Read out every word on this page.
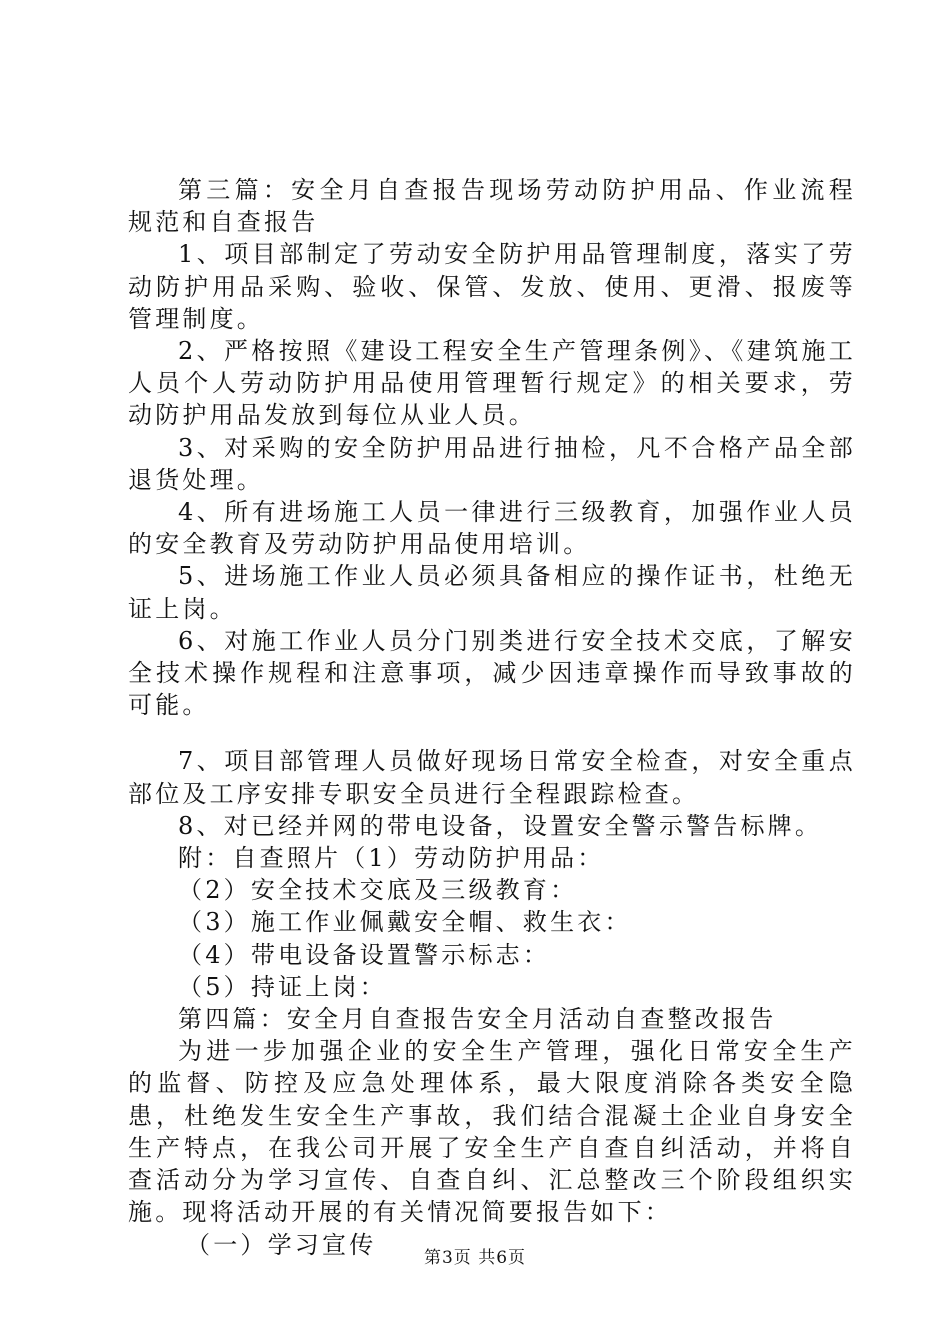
第三篇：安全月自查报告现场劳动防护用品、作业流程规范和自查报告

1、项目部制定了劳动安全防护用品管理制度，落实了劳动防护用品采购、验收、保管、发放、使用、更滑、报废等管理制度。

2、严格按照《建设工程安全生产管理条例》、《建筑施工人员个人劳动防护用品使用管理暂行规定》的相关要求，劳动防护用品发放到每位从业人员。

3、对采购的安全防护用品进行抽检，凡不合格产品全部退货处理。

4、所有进场施工人员一律进行三级教育，加强作业人员的安全教育及劳动防护用品使用培训。

5、进场施工作业人员必须具备相应的操作证书，杜绝无证上岗。

6、对施工作业人员分门别类进行安全技术交底，了解安全技术操作规程和注意事项，减少因违章操作而导致事故的可能。

7、项目部管理人员做好现场日常安全检查，对安全重点部位及工序安排专职安全员进行全程跟踪检查。

8、对已经并网的带电设备，设置安全警示警告标牌。

附：自查照片（1）劳动防护用品：

（2）安全技术交底及三级教育：

（3）施工作业佩戴安全帽、救生衣：

（4）带电设备设置警示标志：

（5）持证上岗：

第四篇：安全月自查报告安全月活动自查整改报告

为进一步加强企业的安全生产管理，强化日常安全生产的监督、防控及应急处理体系，最大限度消除各类安全隐患，杜绝发生安全生产事故，我们结合混凝土企业自身安全生产特点，在我公司开展了安全生产自查自纠活动，并将自查活动分为学习宣传、自查自纠、汇总整改三个阶段组织实施。现将活动开展的有关情况简要报告如下：

（一）学习宣传	第3页 共6页
